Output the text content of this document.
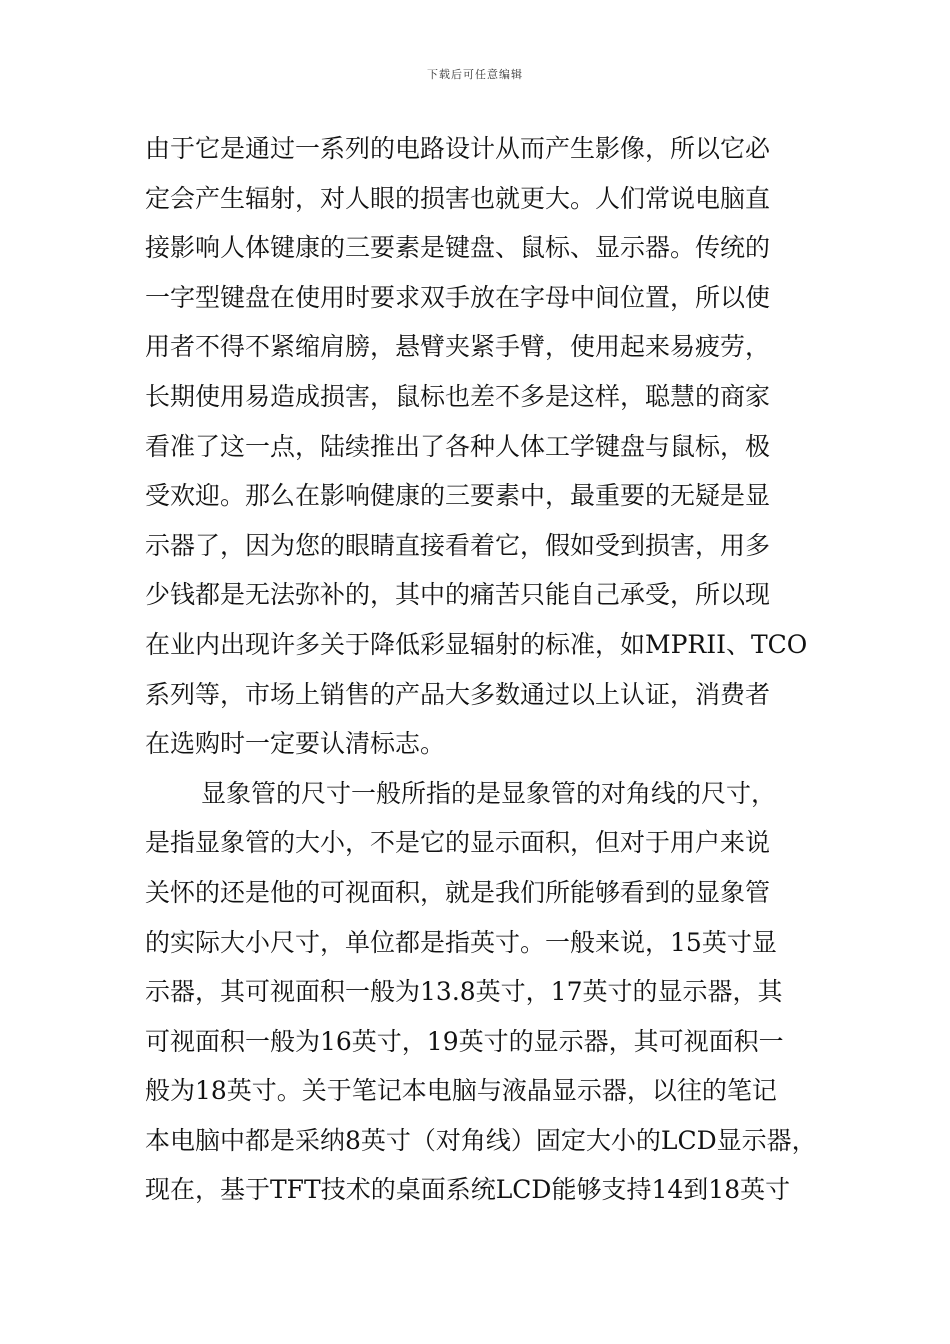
下载后可任意编辑
由于它是通过一系列的电路设计从而产生影像，所以它必
定会产生辐射，对人眼的损害也就更大。人们常说电脑直
接影响人体键康的三要素是键盘、鼠标、显示器。传统的
一字型键盘在使用时要求双手放在字母中间位置，所以使
用者不得不紧缩肩膀，悬臂夹紧手臂，使用起来易疲劳，
长期使用易造成损害，鼠标也差不多是这样，聪慧的商家
看准了这一点，陆续推出了各种人体工学键盘与鼠标，极
受欢迎。那么在影响健康的三要素中，最重要的无疑是显
示器了，因为您的眼睛直接看着它，假如受到损害，用多
少钱都是无法弥补的，其中的痛苦只能自己承受，所以现
在业内出现许多关于降低彩显辐射的标准，如MPRII、TCO
系列等，市场上销售的产品大多数通过以上认证，消费者
在选购时一定要认清标志。
显象管的尺寸一般所指的是显象管的对角线的尺寸，
是指显象管的大小，不是它的显示面积，但对于用户来说
关怀的还是他的可视面积，就是我们所能够看到的显象管
的实际大小尺寸，单位都是指英寸。一般来说，15英寸显
示器，其可视面积一般为13.8英寸，17英寸的显示器，其
可视面积一般为16英寸，19英寸的显示器，其可视面积一
般为18英寸。关于笔记本电脑与液晶显示器，以往的笔记
本电脑中都是采纳8英寸（对角线）固定大小的LCD显示器，
现在，基于TFT技术的桌面系统LCD能够支持14到18英寸
